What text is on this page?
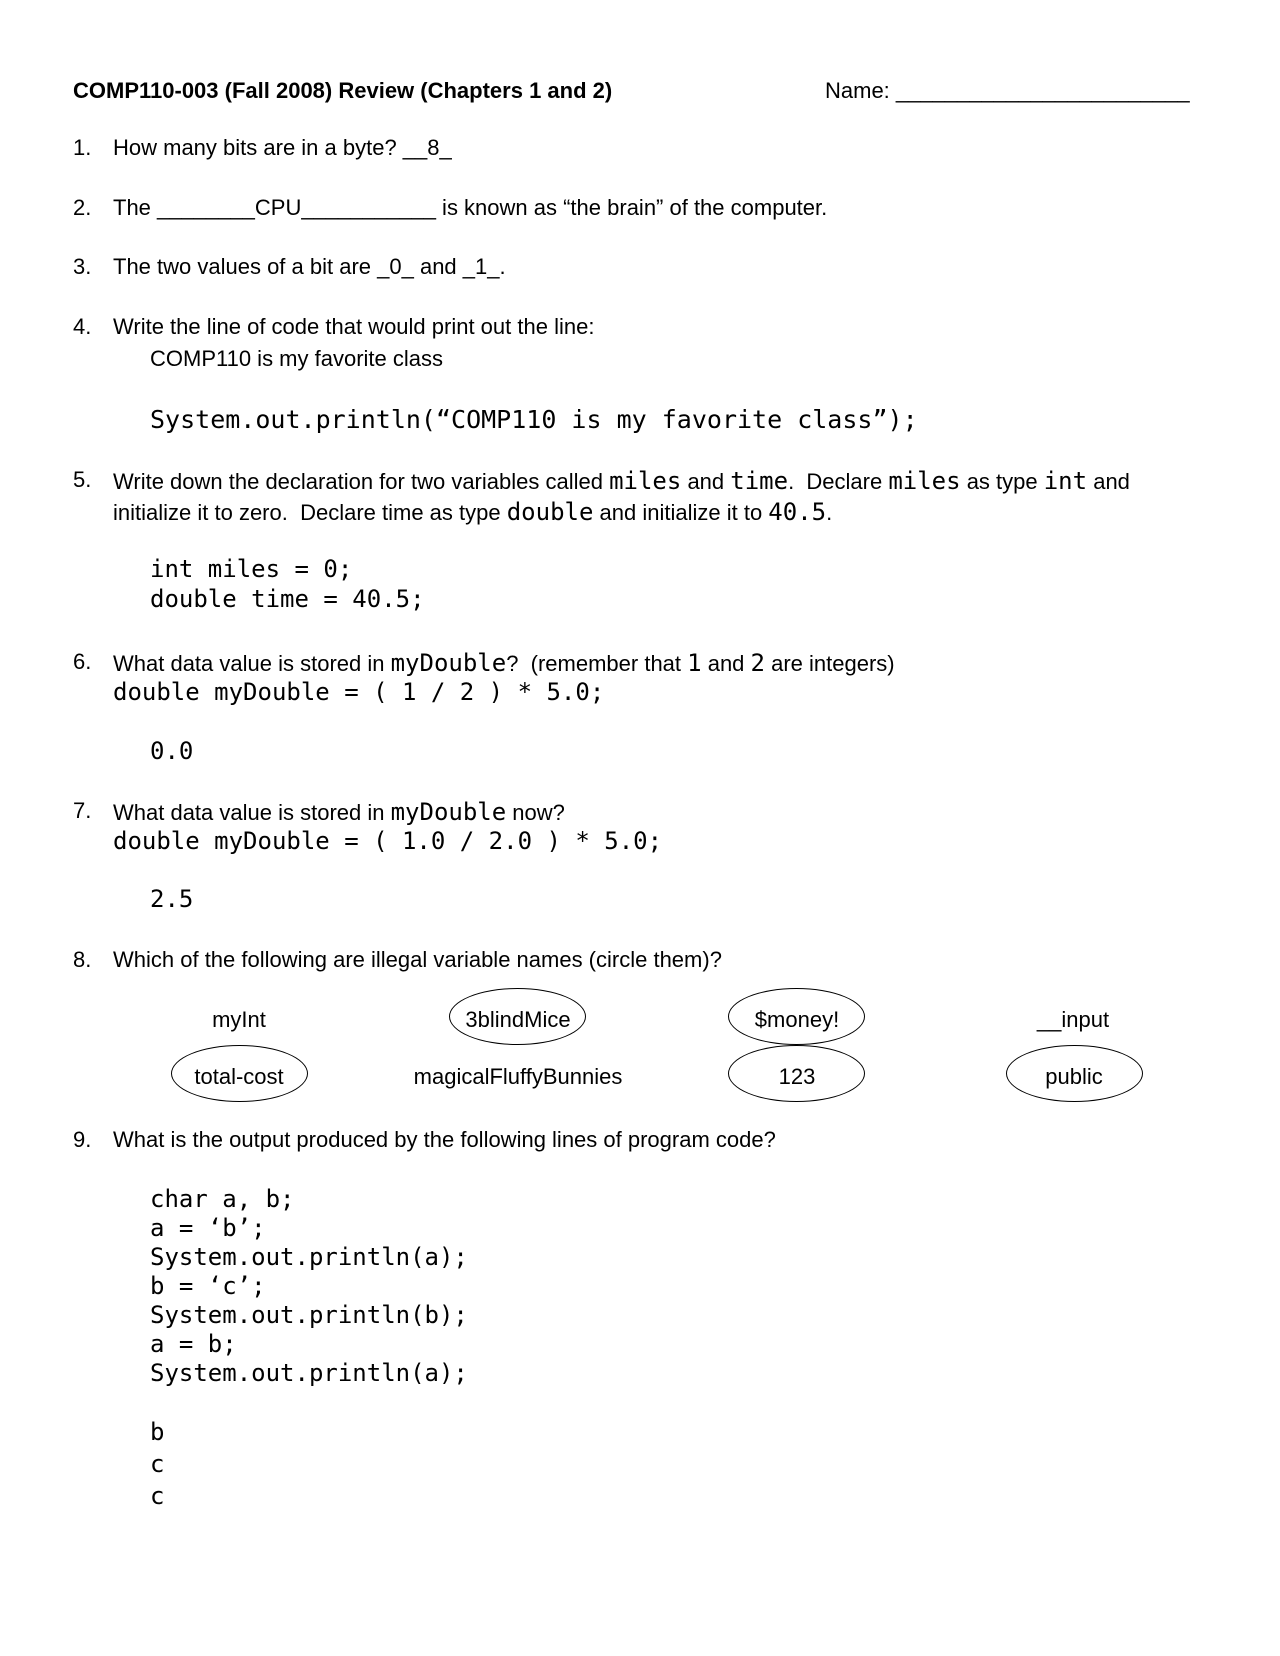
COMP110-003 (Fall 2008) Review (Chapters 1 and 2)	Name: ________________________
1. How many bits are in a byte? __8_
2. The ________CPU___________ is known as “the brain” of the computer.
3. The two values of a bit are _0_ and _1_.
4. Write the line of code that would print out the line:
COMP110 is my favorite class
System.out.println(“COMP110 is my favorite class”);
5. Write down the declaration for two variables called miles and time.  Declare miles as type int and
initialize it to zero.  Declare time as type double and initialize it to 40.5.
int miles = 0;
double time = 40.5;
6. What data value is stored in myDouble?  (remember that 1 and 2 are integers)
double myDouble = ( 1 / 2 ) * 5.0;
0.0
7. What data value is stored in myDouble now?
double myDouble = ( 1.0 / 2.0 ) * 5.0;
2.5
8. Which of the following are illegal variable names (circle them)?
myInt	3blindMice	$money!	__input
total-cost	magicalFluffyBunnies	123	public
9. What is the output produced by the following lines of program code?
char a, b;
a = ‘b’;
System.out.println(a);
b = ‘c’;
System.out.println(b);
a = b;
System.out.println(a);
b
c
c
